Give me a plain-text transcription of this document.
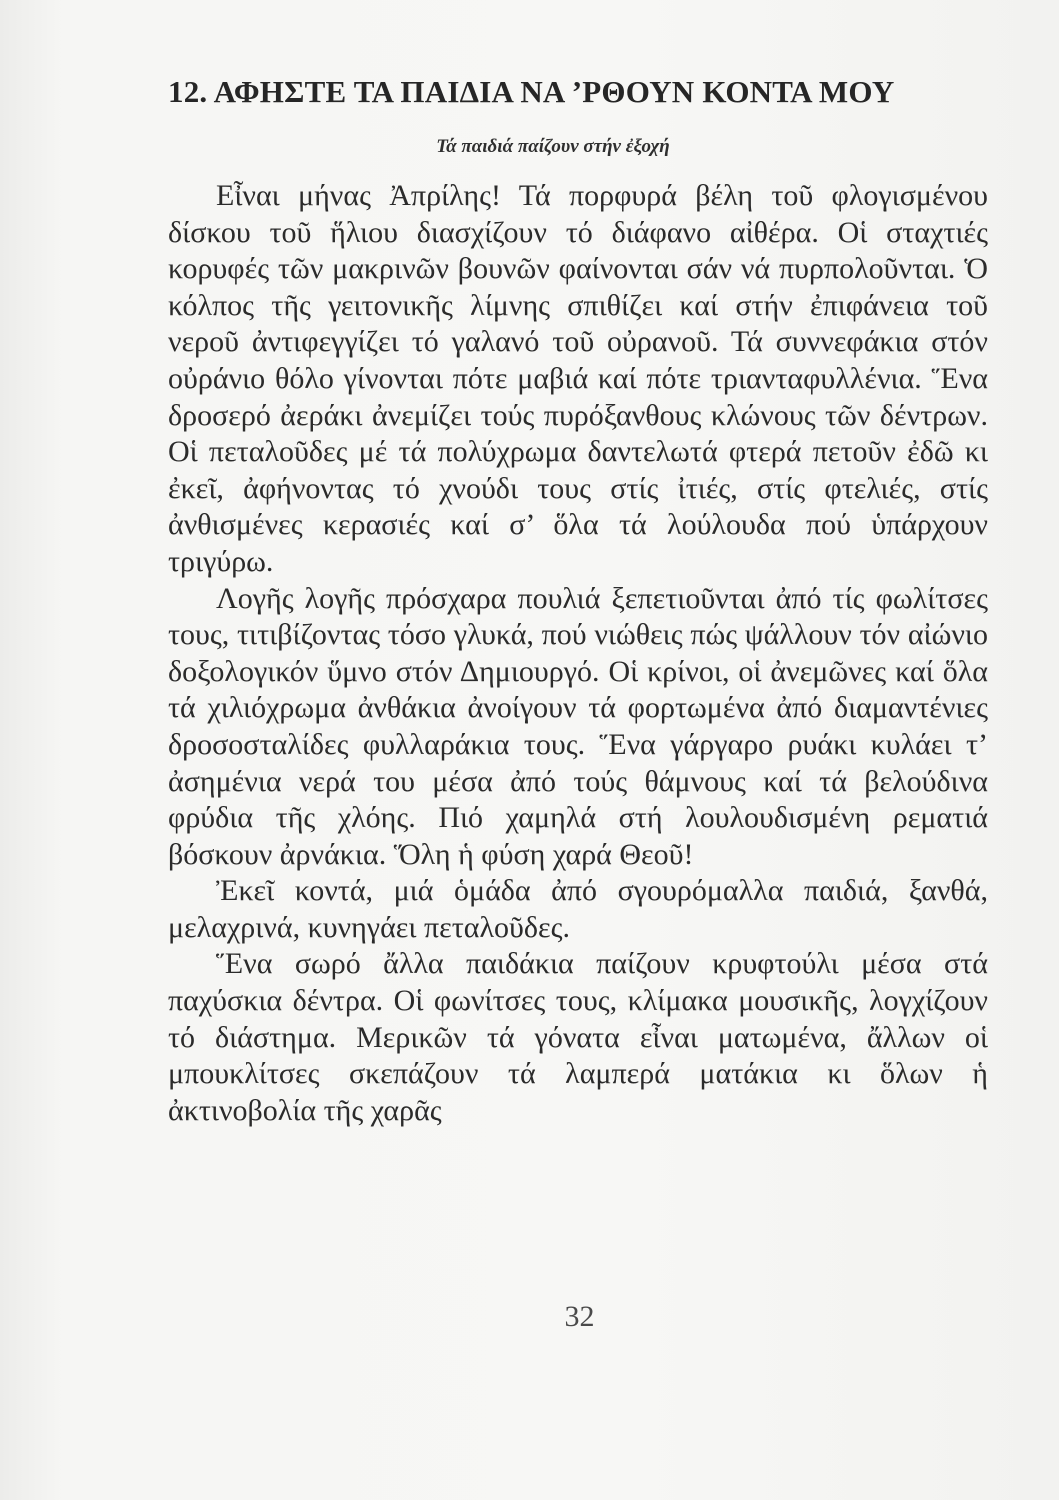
12. ΑΦΗΣΤΕ ΤΑ ΠΑΙΔΙΑ ΝΑ ’ΡΘΟΥΝ ΚΟΝΤΑ ΜΟΥ
Τά παιδιά παίζουν στήν ἐξοχή

Εἶναι μήνας Ἀπρίλης! Τά πορφυρά βέλη τοῦ φλογισμένου δίσκου τοῦ ἥλιου διασχίζουν τό διάφανο αἰθέρα. Οἱ σταχτιές κορυφές τῶν μακρινῶν βουνῶν φαίνονται σάν νά πυρπολοῦνται. Ὁ κόλπος τῆς γειτονικῆς λίμνης σπιθίζει καί στήν ἐπιφάνεια τοῦ νεροῦ ἀντιφεγγίζει τό γαλανό τοῦ οὐρανοῦ. Τά συννεφάκια στόν οὐράνιο θόλο γίνονται πότε μαβιά καί πότε τριανταφυλλένια. Ἕνα δροσερό ἀεράκι ἀνεμίζει τούς πυρόξανθους κλώνους τῶν δέντρων. Οἱ πεταλοῦδες μέ τά πολύχρωμα δαντελωτά φτερά πετοῦν ἐδῶ κι ἐκεῖ, ἀφήνοντας τό χνούδι τους στίς ἰτιές, στίς φτελιές, στίς ἀνθισμένες κερασιές καί σ’ ὅλα τά λούλουδα πού ὑπάρχουν τριγύρω.

Λογῆς λογῆς πρόσχαρα πουλιά ξεπετιοῦνται ἀπό τίς φωλίτσες τους, τιτιβίζοντας τόσο γλυκά, πού νιώθεις πώς ψάλλουν τόν αἰώνιο δοξολογικόν ὕμνο στόν Δημιουργό. Οἱ κρίνοι, οἱ ἀνεμῶνες καί ὅλα τά χιλιόχρωμα ἀνθάκια ἀνοίγουν τά φορτωμένα ἀπό διαμαντένιες δροσοσταλίδες φυλλαράκια τους. Ἕνα γάργαρο ρυάκι κυλάει τ’ ἀσημένια νερά του μέσα ἀπό τούς θάμνους καί τά βελούδινα φρύδια τῆς χλόης. Πιό χαμηλά στή λουλουδισμένη ρεματιά βόσκουν ἀρνάκια. Ὅλη ἡ φύση χαρά Θεοῦ!

Ἐκεῖ κοντά, μιά ὁμάδα ἀπό σγουρόμαλλα παιδιά, ξανθά, μελαχρινά, κυνηγάει πεταλοῦδες.

Ἕνα σωρό ἄλλα παιδάκια παίζουν κρυφτούλι μέσα στά παχύσκια δέντρα. Οἱ φωνίτσες τους, κλίμακα μουσικῆς, λογχίζουν τό διάστημα. Μερικῶν τά γόνατα εἶναι ματωμένα, ἄλλων οἱ μπουκλίτσες σκεπάζουν τά λαμπερά ματάκια κι ὅλων ἡ ἀκτινοβολία τῆς χαρᾶς

32
